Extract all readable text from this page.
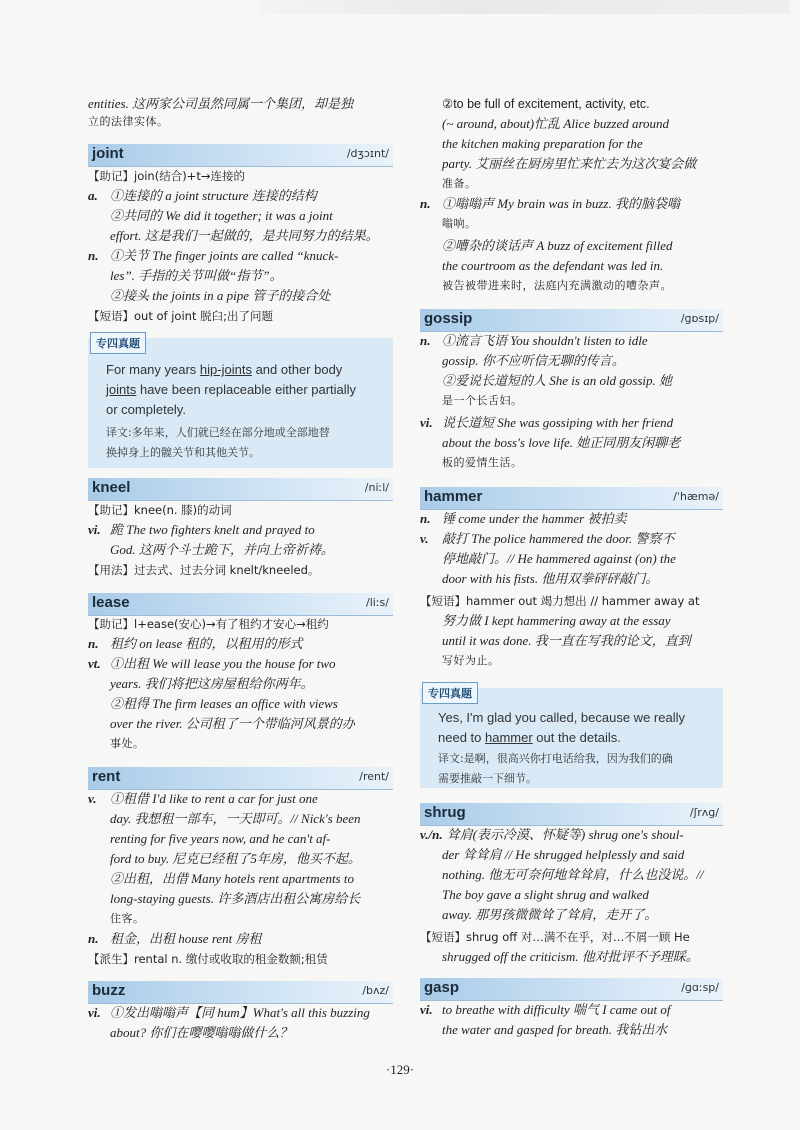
entities. 这两家公司虽然同属一个集团，却是独
立的法律实体。
joint	/dʒɔɪnt/
【助记】join(结合)+t→连接的
a. ①连接的 a joint structure 连接的结构
②共同的 We did it together; it was a joint
effort. 这是我们一起做的，是共同努力的结果。
n. ①关节 The finger joints are called “knuck-
les”. 手指的关节叫做“指节”。
②接头 the joints in a pipe 管子的接合处
【短语】out of joint 脱臼;出了问题
专四真题
For many years hip-joints and other body
joints have been replaceable either partially
or completely.
译文:多年来，人们就已经在部分地或全部地替
换掉身上的髋关节和其他关节。
kneel	/niːl/
【助记】knee(n. 膝)的动词
vi. 跪 The two fighters knelt and prayed to
God. 这两个斗士跪下，并向上帝祈祷。
【用法】过去式、过去分词 knelt/kneeled。
lease	/liːs/
【助记】l+ease(安心)→有了租约才安心→租约
n. 租约 on lease 租的，以租用的形式
vt. ①出租 We will lease you the house for two
years. 我们将把这房屋租给你两年。
②租得 The firm leases an office with views
over the river. 公司租了一个带临河风景的办
事处。
rent	/rent/
v. ①租借 I'd like to rent a car for just one
day. 我想租一部车，一天即可。// Nick's been
renting for five years now, and he can't af-
ford to buy. 尼克已经租了5年房，他买不起。
②出租，出借 Many hotels rent apartments to
long-staying guests. 许多酒店出租公寓房给长
住客。
n. 租金，出租 house rent 房租
【派生】rental n. 缴付或收取的租金数额;租赁
buzz	/bʌz/
vi. ①发出嗡嗡声【同 hum】What's all this buzzing
about? 你们在嘤嘤嗡嗡做什么？
②to be full of excitement, activity, etc.
(~ around, about)忙乱 Alice buzzed around
the kitchen making preparation for the
party. 艾丽丝在厨房里忙来忙去为这次宴会做
准备。
n. ①嗡嗡声 My brain was in buzz. 我的脑袋嗡
嗡响。
②嘈杂的谈话声 A buzz of excitement filled
the courtroom as the defendant was led in.
被告被带进来时，法庭内充满激动的嘈杂声。
gossip	/ɡɒsɪp/
n. ①流言飞语 You shouldn't listen to idle
gossip. 你不应听信无聊的传言。
②爱说长道短的人 She is an old gossip. 她
是一个长舌妇。
vi. 说长道短 She was gossiping with her friend
about the boss's love life. 她正同朋友闲聊老
板的爱情生活。
hammer	/ˈhæmə/
n. 锤 come under the hammer 被拍卖
v. 敲打 The police hammered the door. 警察不
停地敲门。// He hammered against (on) the
door with his fists. 他用双拳砰砰敲门。
【短语】hammer out 竭力想出 // hammer away at
努力做 I kept hammering away at the essay
until it was done. 我一直在写我的论文，直到
写好为止。
专四真题
Yes, I'm glad you called, because we really
need to hammer out the details.
译文:是啊，很高兴你打电话给我，因为我们的确
需要推敲一下细节。
shrug	/ʃrʌɡ/
v./n. 耸肩(表示冷漠、怀疑等) shrug one's shoul-
der 耸耸肩 // He shrugged helplessly and said
nothing. 他无可奈何地耸耸肩，什么也没说。//
The boy gave a slight shrug and walked
away. 那男孩微微耸了耸肩，走开了。
【短语】shrug off 对…满不在乎，对…不屑一顾 He
shrugged off the criticism. 他对批评不予理睬。
gasp	/ɡɑːsp/
vi. to breathe with difficulty 喘气 I came out of
the water and gasped for breath. 我钻出水
·129·
